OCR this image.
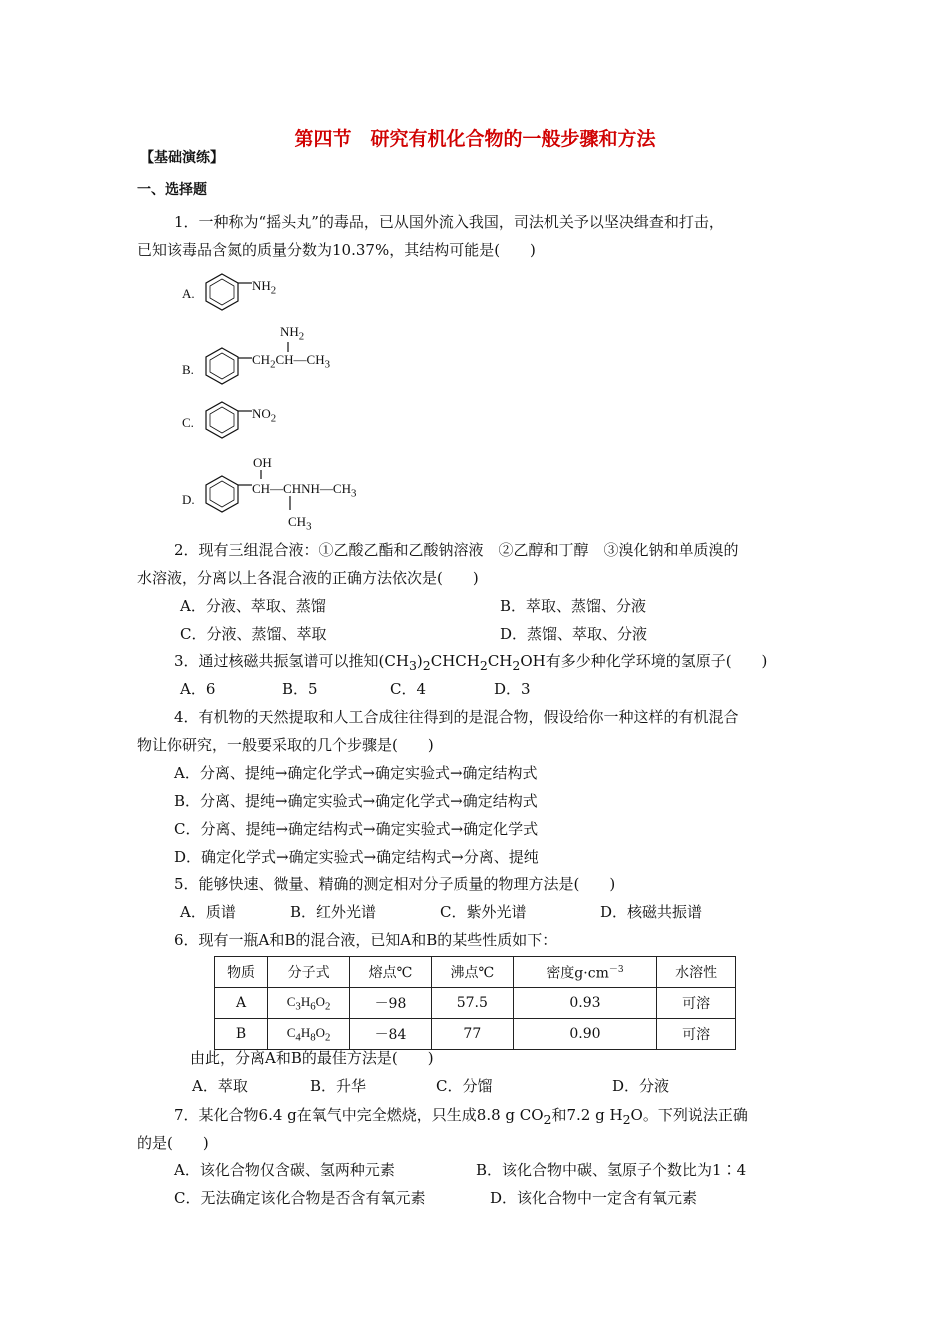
第四节　研究有机化合物的一般步骤和方法
【基础演练】
一、选择题
1．一种称为“摇头丸”的毒品，已从国外流入我国，司法机关予以坚决缉查和打击，
已知该毒品含氮的质量分数为10.37%，其结构可能是(　　)
A.
$NH_2$
B.
$NH_2$
$CH_2CH—CH_3$
C.
$NO_2$
D.
OH
$CH—CHNH—CH_3$
$CH_3$
2．现有三组混合液：①乙酸乙酯和乙酸钠溶液　②乙醇和丁醇　③溴化钠和单质溴的
水溶液，分离以上各混合液的正确方法依次是(　　)
A．分液、萃取、蒸馏	B．萃取、蒸馏、分液
C．分液、蒸馏、萃取	D．蒸馏、萃取、分液
3．通过核磁共振氢谱可以推知$(CH_3)_2CHCH_2CH_2OH$有多少种化学环境的氢原子(　　)
A．6	B．5	C．4	D．3
4．有机物的天然提取和人工合成往往得到的是混合物，假设给你一种这样的有机混合
物让你研究，一般要采取的几个步骤是(　　)
A．分离、提纯→确定化学式→确定实验式→确定结构式
B．分离、提纯→确定实验式→确定化学式→确定结构式
C．分离、提纯→确定结构式→确定实验式→确定化学式
D．确定化学式→确定实验式→确定结构式→分离、提纯
5．能够快速、微量、精确的测定相对分子质量的物理方法是(　　)
A．质谱	B．红外光谱	C．紫外光谱	D．核磁共振谱
6．现有一瓶A和B的混合液，已知A和B的某些性质如下：
物质	分子式	熔点℃	沸点℃	密度$g\cdot cm^{-3}$	水溶性
A	$C_3H_6O_2$	－98	57.5	0.93	可溶
B	$C_4H_8O_2$	－84	77	0.90	可溶
由此，分离A和B的最佳方法是(　　)
A．萃取	B．升华	C．分馏	D．分液
7．某化合物6.4 g在氧气中完全燃烧，只生成8.8 g $CO_2$和7.2 g $H_2O$。下列说法正确
的是(　　)
A．该化合物仅含碳、氢两种元素	B．该化合物中碳、氢原子个数比为1∶4
C．无法确定该化合物是否含有氧元素	D．该化合物中一定含有氧元素
